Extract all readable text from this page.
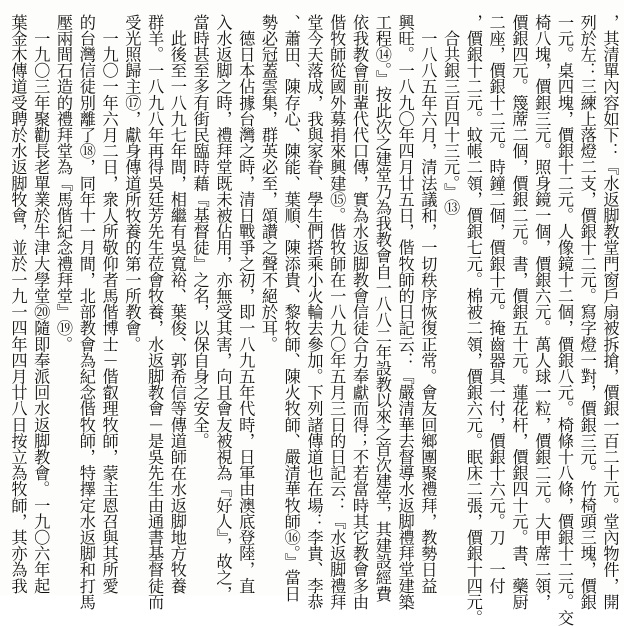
，其清單內容如下：『水返脚教堂門窗戶扇被拆搶，價銀一百二十元。堂內物件，開
列於左：三練上落燈二支，價銀十二元。寫字燈一對，價銀三元。竹椅頭三塊，價銀
一元。桌四塊，價銀十二元。人像鏡十二個，價銀八元。椅條十八條，價銀十二元。交
椅八塊，價銀三元。照身鏡一個，價銀六元。萬人球一粒，價銀二元。大甲蓆二領，
價銀四元。篾蓆二個，價銀二元。書，價銀五十元。蓮花杆，價銀四十元。書、藥厨
二座，價銀十二元。時鐘二個，價銀十元。掩齒器具一付，價銀十六元。刀　一付
，價銀十二元。蚊帳二領，價銀七元。棉被二領，價銀六元。眠床二張，價銀十四元。
　合共銀三百四十三元。』⑬
　一八八五年六月，清法議和，一切秩序恢復正常。會友回鄉團聚禮拜，教勢日益
興旺。一八九〇年四月廿五日，偕牧師的日記云：『嚴清華去督導水返脚禮拜堂建築
工程⑭。』按此次之建堂乃為我教會自一八八二年設教以來之首次建堂，其建設經費
依我教會前輩代代口傳，實為水返脚教會信徒合力奉獻而得；不若當時其它教會多由
偕牧師從國外募捐來興建⑮。偕牧師在一八九〇年五月三日的日記云：『水返脚禮拜
堂今天落成，我與家眷、學生們搭乘小火輪去參加。下列諸傳道也在場：李貴、李恭
、蕭田、陳存心、陳能、葉順、陳添貴、黎牧師、陳火牧師、嚴清華牧師⑯。』當日
勢必冠蓋雲集，群英必至，頌讚之聲不絕於耳。
　德日本佔據台灣之時，清日戰爭之初，即一八九五年代時，日軍由澳底登陸，直
入水返脚之時，禮拜堂既未被佔用，亦無受其害，向且會友被視為『好人』，故之，
當時甚至多有街民臨時藉『基督徒』之名，以保自身之安全。
　此後至一八九七年間，相繼有吳寬裕、葉俊、郭希信等傳道師在水返脚地方牧養
群羊。一八九八年再得吳廷芳先生莅會牧養，水返脚教會－是吳先生由通書基督徒而
受光照歸主⑰，獻身傳道所牧養的第一所教會。
　一九〇一年六月二日，衆人所敬仰者馬偕博士－偕叡理牧師，蒙主恩召與其所愛
的台灣信徒別離了⑱，同年十一月間，北部教會為紀念偕牧師，特擇定水返脚和打馬
壓兩間石造的禮拜堂為『馬偕紀念禮拜堂』⑲。
　一九〇三年聚勸長老單業於牛津大學堂⑳隨即奉派回水返脚教會。一九〇六年起
葉金木傳道受聘於水返脚牧會，並於一九一四年四月廿八日按立為牧師，其亦為我
